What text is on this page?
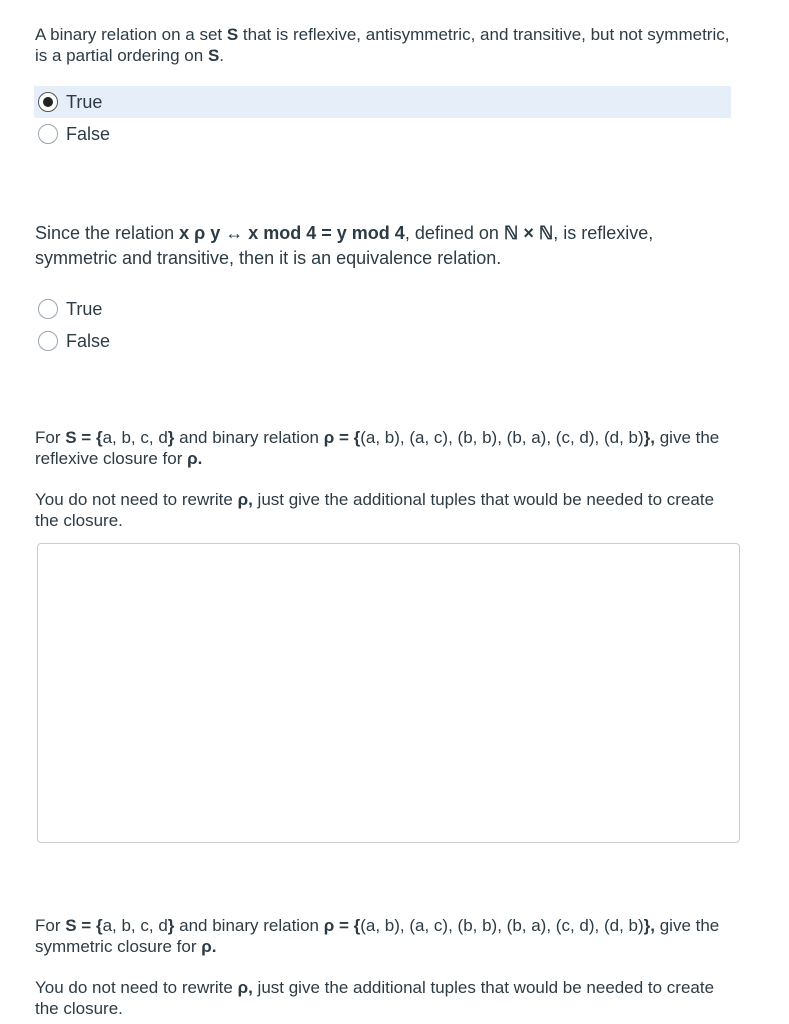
A binary relation on a set S that is reflexive, antisymmetric, and transitive, but not symmetric, is a partial ordering on S.

True
False

Since the relation x ρ y ↔ x mod 4 = y mod 4, defined on ℕ × ℕ, is reflexive, symmetric and transitive, then it is an equivalence relation.

True
False

For S = {a, b, c, d} and binary relation ρ = {(a, b), (a, c), (b, b), (b, a), (c, d), (d, b)}, give the reflexive closure for ρ.

You do not need to rewrite ρ, just give the additional tuples that would be needed to create the closure.

For S = {a, b, c, d} and binary relation ρ = {(a, b), (a, c), (b, b), (b, a), (c, d), (d, b)}, give the symmetric closure for ρ.

You do not need to rewrite ρ, just give the additional tuples that would be needed to create the closure.
